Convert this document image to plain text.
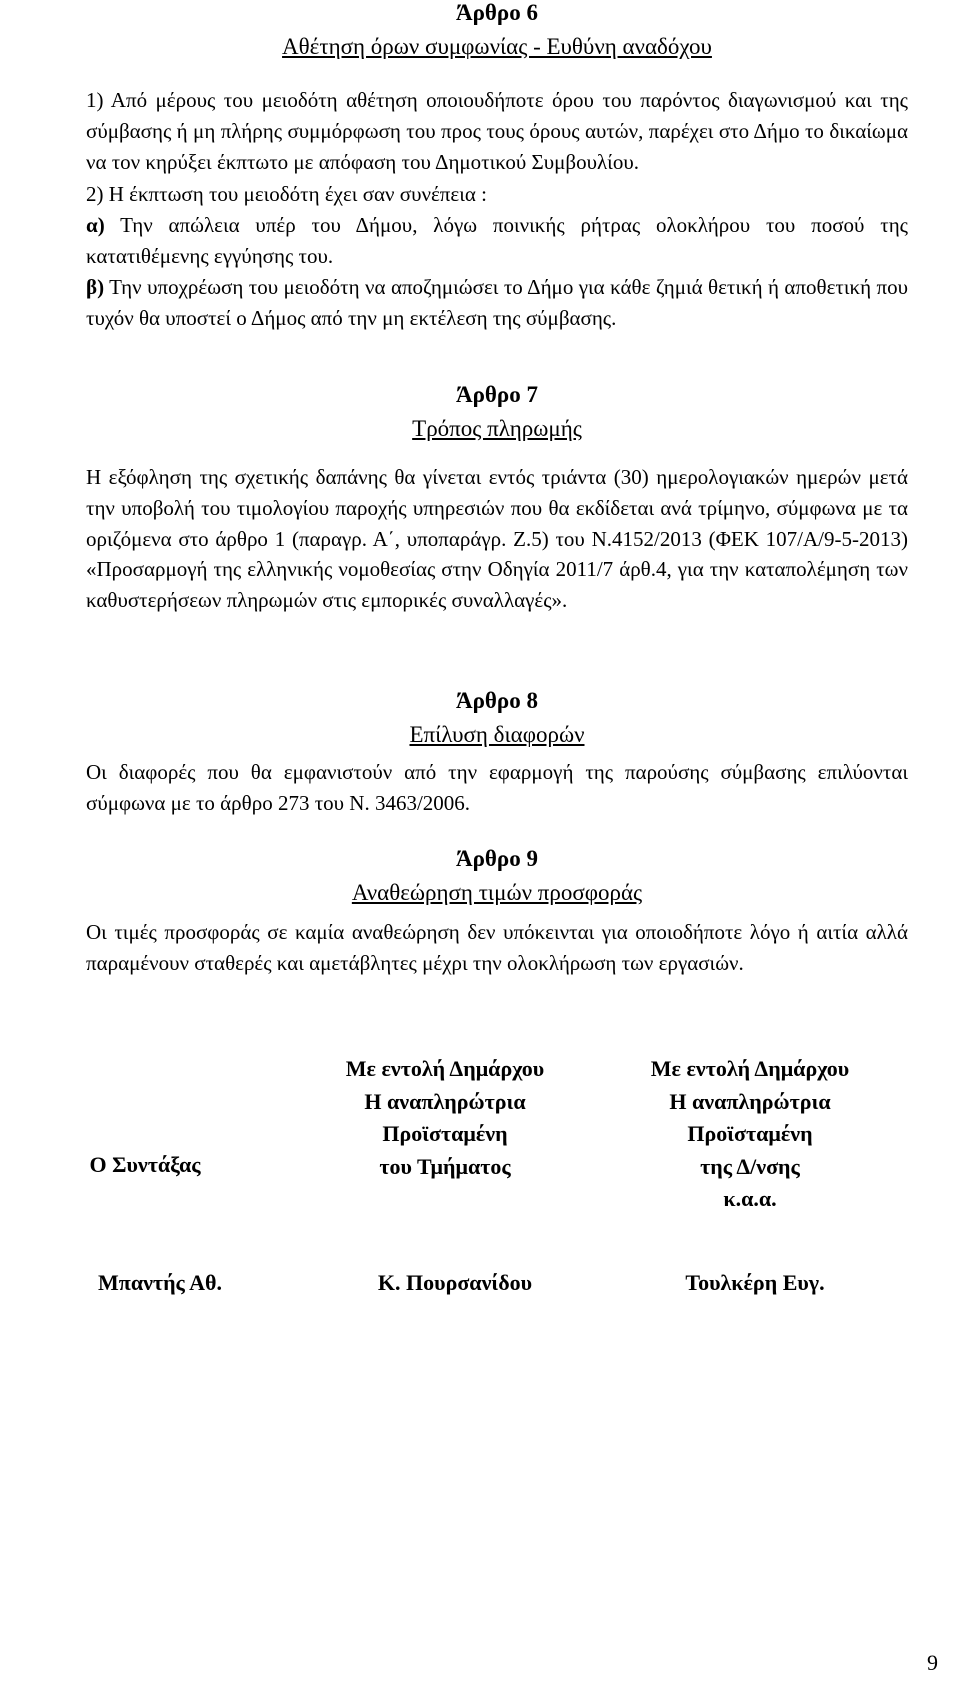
Άρθρο 6
Αθέτηση όρων συμφωνίας - Ευθύνη αναδόχου

1) Από μέρους του μειοδότη αθέτηση οποιουδήποτε όρου του παρόντος διαγωνισμού και της σύμβασης ή μη πλήρης συμμόρφωση του προς τους όρους αυτών, παρέχει στο Δήμο το δικαίωμα να τον κηρύξει έκπτωτο με απόφαση του Δημοτικού Συμβουλίου.

2) Η έκπτωση του μειοδότη έχει σαν συνέπεια :

α) Την απώλεια υπέρ του Δήμου, λόγω ποινικής ρήτρας ολοκλήρου του ποσού της κατατιθέμενης εγγύησης του.

β) Την υποχρέωση του μειοδότη να αποζημιώσει το Δήμο για κάθε ζημιά θετική ή αποθετική που τυχόν θα υποστεί ο Δήμος από την μη εκτέλεση της σύμβασης.

Άρθρο 7
Τρόπος πληρωμής

Η εξόφληση της σχετικής δαπάνης θα γίνεται εντός τριάντα (30) ημερολογιακών ημερών μετά την υποβολή του τιμολογίου παροχής υπηρεσιών που θα εκδίδεται ανά τρίμηνο, σύμφωνα με τα οριζόμενα στο άρθρο 1 (παραγρ. Α΄, υποπαράγρ. Ζ.5) του Ν.4152/2013 (ΦΕΚ 107/Α/9-5-2013) «Προσαρμογή της ελληνικής νομοθεσίας στην Οδηγία 2011/7 άρθ.4, για την καταπολέμηση των καθυστερήσεων πληρωμών στις εμπορικές συναλλαγές».

Άρθρο 8
Επίλυση διαφορών

Οι διαφορές που θα εμφανιστούν από την εφαρμογή της παρούσης σύμβασης επιλύονται σύμφωνα με το άρθρο 273 του Ν. 3463/2006.

Άρθρο 9
Αναθεώρηση τιμών προσφοράς

Οι τιμές προσφοράς σε καμία αναθεώρηση δεν υπόκεινται για οποιοδήποτε λόγο ή αιτία αλλά παραμένουν σταθερές και αμετάβλητες μέχρι την ολοκλήρωση των εργασιών.

Ο Συντάξας
Με εντολή Δημάρχου
Η αναπληρώτρια
Προϊσταμένη
του Τμήματος
Με εντολή Δημάρχου
Η αναπληρώτρια
Προϊσταμένη
της Δ/νσης
κ.α.α.
Μπαντής Αθ.	Κ. Πουρσανίδου	Τουλκέρη Ευγ.
9
